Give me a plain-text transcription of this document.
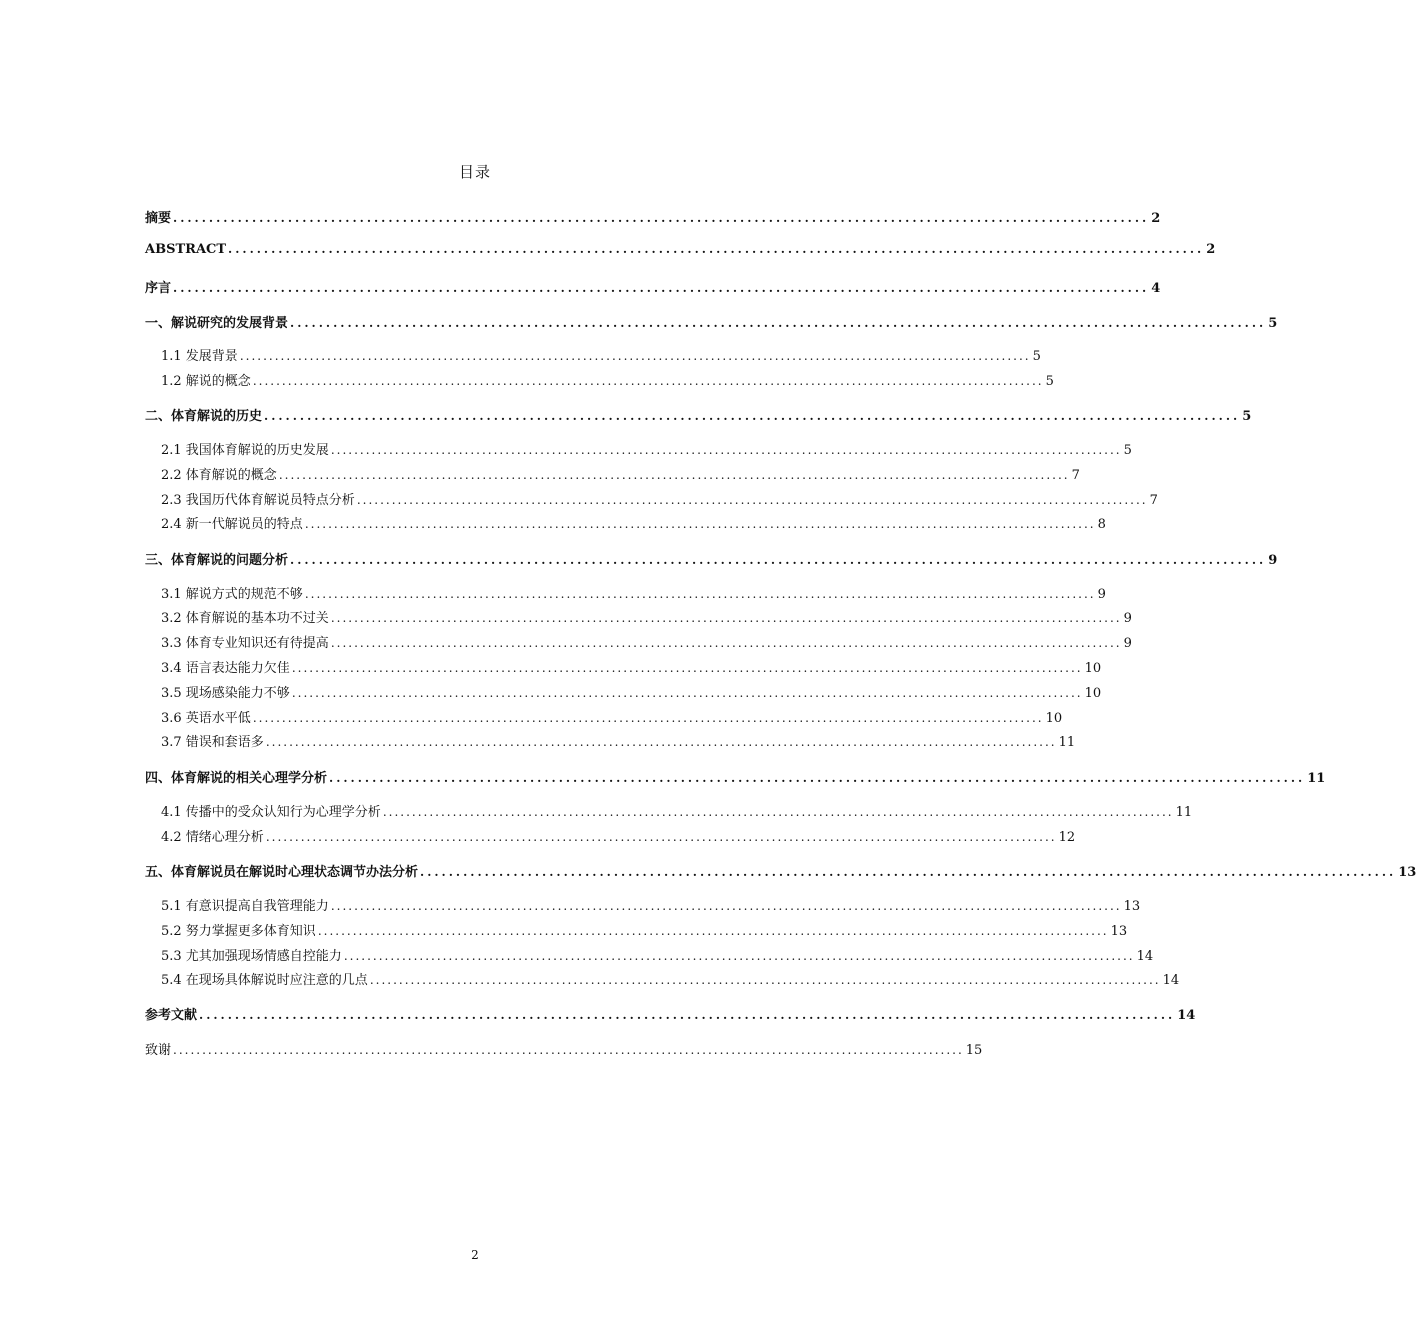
目录
摘要 ........................................................................................................................................ 2
ABSTRACT ........................................................................................................................................ 2
序言 ........................................................................................................................................ 4
一、解说研究的发展背景 ........................................................................................................................................ 5
1.1 发展背景 ........................................................................................................................................ 5
1.2 解说的概念 ........................................................................................................................................ 5
二、体育解说的历史 ........................................................................................................................................ 5
2.1 我国体育解说的历史发展 ........................................................................................................................................ 5
2.2 体育解说的概念 ........................................................................................................................................ 7
2.3 我国历代体育解说员特点分析 ........................................................................................................................................ 7
2.4 新一代解说员的特点 ........................................................................................................................................ 8
三、体育解说的问题分析 ........................................................................................................................................ 9
3.1 解说方式的规范不够 ........................................................................................................................................ 9
3.2 体育解说的基本功不过关 ........................................................................................................................................ 9
3.3 体育专业知识还有待提高 ........................................................................................................................................ 9
3.4 语言表达能力欠佳 ........................................................................................................................................ 10
3.5 现场感染能力不够 ........................................................................................................................................ 10
3.6 英语水平低 ........................................................................................................................................ 10
3.7 错误和套语多 ........................................................................................................................................ 11
四、体育解说的相关心理学分析 ........................................................................................................................................ 11
4.1 传播中的受众认知行为心理学分析 ........................................................................................................................................ 11
4.2 情绪心理分析 ........................................................................................................................................ 12
五、体育解说员在解说时心理状态调节办法分析 ........................................................................................................................................ 13
5.1 有意识提高自我管理能力 ........................................................................................................................................ 13
5.2 努力掌握更多体育知识 ........................................................................................................................................ 13
5.3 尤其加强现场情感自控能力 ........................................................................................................................................ 14
5.4 在现场具体解说时应注意的几点 ........................................................................................................................................ 14
参考文献 ........................................................................................................................................ 14
致谢 ........................................................................................................................................ 15
2
